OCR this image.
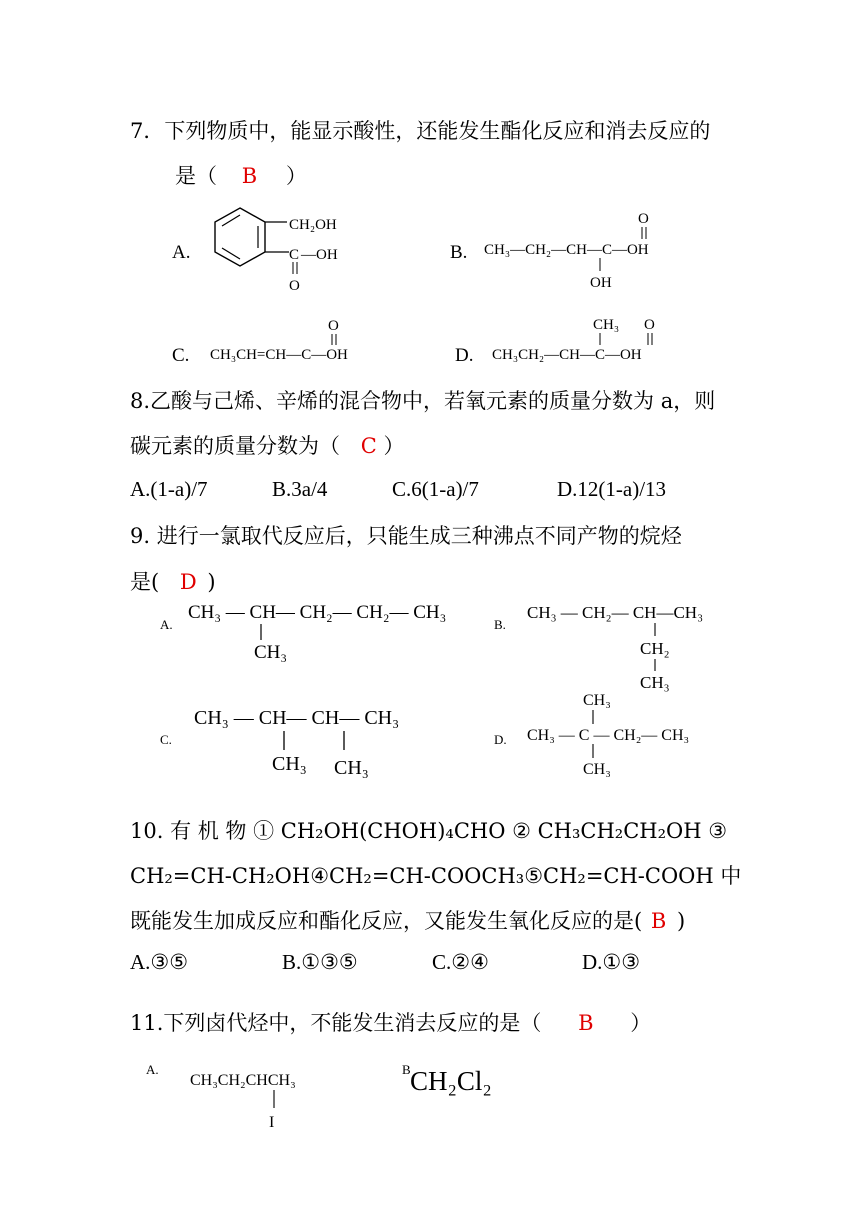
7．下列物质中，能显示酸性，还能发生酯化反应和消去反应的
是（ B ）
A.
CH₂OH
C —OH
O
B.
O
CH₃—CH₂—CH—C—OH
OH
C.
O
CH₃CH=CH—C—OH	D.
CH₃ O
CH₃CH₂—CH—C—OH
8.乙酸与己烯、辛烯的混合物中，若氧元素的质量分数为 a，则
碳元素的质量分数为（ C ）
A.(1-a)/7	B.3a/4	C.6(1-a)/7	D.12(1-a)/13
9. 进行一氯取代反应后，只能生成三种沸点不同产物的烷烃
是( D )
A.
CH₃ — CH— CH₂— CH₂— CH₃
CH₃
B.
CH₃ — CH₂— CH—CH₃
CH₂
CH₃
C.
CH₃ — CH— CH— CH₃
CH₃ CH₃
D.
CH₃
CH₃ — C — CH₂— CH₃
CH₃
10. 有 机 物 ① CH₂OH(CHOH)₄CHO ② CH₃CH₂CH₂OH ③
CH₂=CH-CH₂OH④CH₂=CH-COOCH₃⑤CH₂=CH-COOH 中
既能发生加成反应和酯化反应，又能发生氧化反应的是( B )
A.③⑤	B.①③⑤	C.②④	D.①③
11.下列卤代烃中，不能发生消去反应的是（ B ）
A.
CH₃CH₂CHCH₃
I
B CH₂Cl₂
